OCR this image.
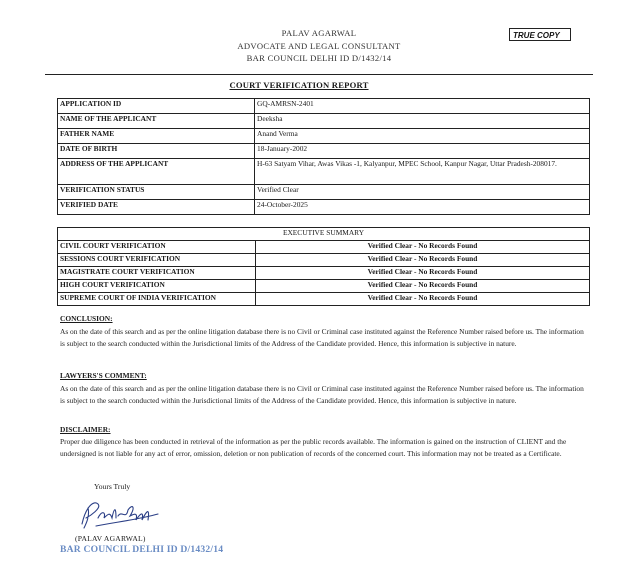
PALAV AGARWAL
ADVOCATE AND LEGAL CONSULTANT
BAR COUNCIL DELHI ID D/1432/14
TRUE COPY
COURT VERIFICATION REPORT
APPLICATION ID	GQ-AMRSN-2401
NAME OF THE APPLICANT	Deeksha
FATHER NAME	Anand Verma
DATE OF BIRTH	18-January-2002
ADDRESS OF THE APPLICANT	H-63 Satyam Vihar, Awas Vikas -1, Kalyanpur, MPEC School, Kanpur Nagar, Uttar Pradesh-208017.
VERIFICATION STATUS	Verified Clear
VERIFIED DATE	24-October-2025
EXECUTIVE SUMMARY	
CIVIL COURT VERIFICATION	Verified Clear - No Records Found
SESSIONS COURT VERIFICATION	Verified Clear - No Records Found
MAGISTRATE COURT VERIFICATION	Verified Clear - No Records Found
HIGH COURT VERIFICATION	Verified Clear - No Records Found
SUPREME COURT OF INDIA VERIFICATION	Verified Clear - No Records Found
CONCLUSION:
As on the date of this search and as per the online litigation database there is no Civil or Criminal case instituted against the Reference Number raised before us. The information is subject to the search conducted within the Jurisdictional limits of the Address of the Candidate provided. Hence, this information is subjective in nature.
LAWYERS'S COMMENT:
As on the date of this search and as per the online litigation database there is no Civil or Criminal case instituted against the Reference Number raised before us. The information is subject to the search conducted within the Jurisdictional limits of the Address of the Candidate provided. Hence, this information is subjective in nature.
DISCLAIMER:
Proper due diligence has been conducted in retrieval of the information as per the public records available. The information is gained on the instruction of CLIENT and the undersigned is not liable for any act of error, omission, deletion or non publication of records of the concerned court. This information may not be treated as a Certificate.
Yours Truly
(PALAV AGARWAL)
BAR COUNCIL DELHI ID D/1432/14
